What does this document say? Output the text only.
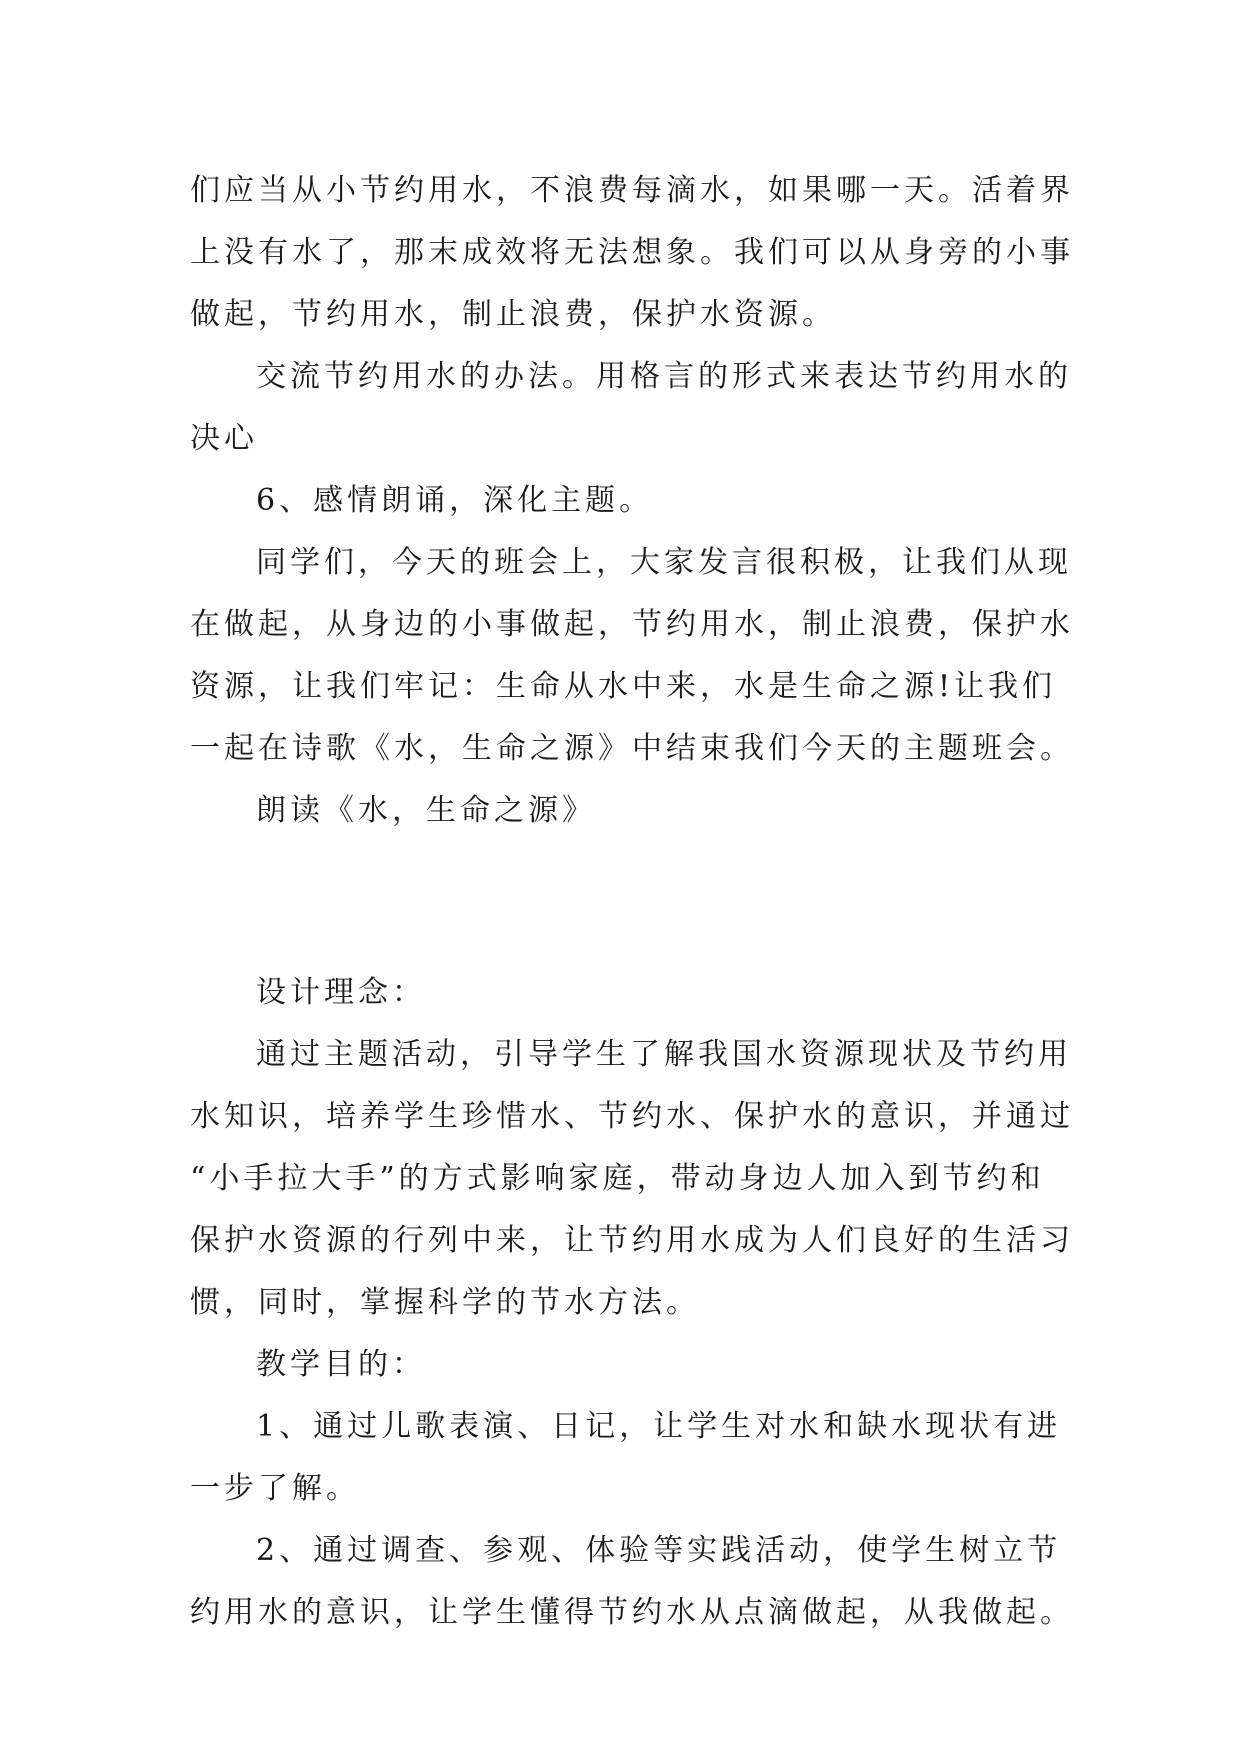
们应当从小节约用水，不浪费每滴水，如果哪一天。活着界
上没有水了，那末成效将无法想象。我们可以从身旁的小事
做起，节约用水，制止浪费，保护水资源。
交流节约用水的办法。用格言的形式来表达节约用水的
决心
6、感情朗诵，深化主题。
同学们，今天的班会上，大家发言很积极，让我们从现
在做起，从身边的小事做起，节约用水，制止浪费，保护水
资源，让我们牢记：生命从水中来，水是生命之源!让我们
一起在诗歌《水，生命之源》中结束我们今天的主题班会。
朗读《水，生命之源》
设计理念：
通过主题活动，引导学生了解我国水资源现状及节约用
水知识，培养学生珍惜水、节约水、保护水的意识，并通过
“小手拉大手”的方式影响家庭，带动身边人加入到节约和
保护水资源的行列中来，让节约用水成为人们良好的生活习
惯，同时，掌握科学的节水方法。
教学目的：
1、通过儿歌表演、日记，让学生对水和缺水现状有进
一步了解。
2、通过调查、参观、体验等实践活动，使学生树立节
约用水的意识，让学生懂得节约水从点滴做起，从我做起。
